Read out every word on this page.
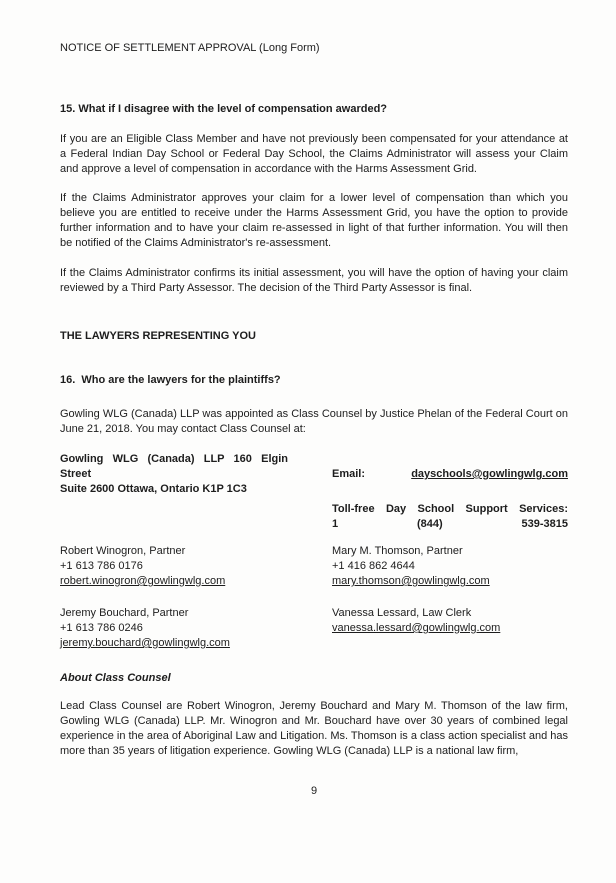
NOTICE OF SETTLEMENT APPROVAL (Long Form)
15. What if I disagree with the level of compensation awarded?
If you are an Eligible Class Member and have not previously been compensated for your attendance at a Federal Indian Day School or Federal Day School, the Claims Administrator will assess your Claim and approve a level of compensation in accordance with the Harms Assessment Grid.
If the Claims Administrator approves your claim for a lower level of compensation than which you believe you are entitled to receive under the Harms Assessment Grid, you have the option to provide further information and to have your claim re-assessed in light of that further information. You will then be notified of the Claims Administrator's re-assessment.
If the Claims Administrator confirms its initial assessment, you will have the option of having your claim reviewed by a Third Party Assessor. The decision of the Third Party Assessor is final.
THE LAWYERS REPRESENTING YOU
16.  Who are the lawyers for the plaintiffs?
Gowling WLG (Canada) LLP was appointed as Class Counsel by Justice Phelan of the Federal Court on June 21, 2018. You may contact Class Counsel at:
Gowling WLG (Canada) LLP 160 Elgin
Street
Suite 2600 Ottawa, Ontario K1P 1C3
Email:	dayschools@gowlingwlg.com
Toll-free Day School Support Services:
1 (844) 539-3815
Robert Winogron, Partner
+1 613 786 0176
robert.winogron@gowlingwlg.com
Mary M. Thomson, Partner
+1 416 862 4644
mary.thomson@gowlingwlg.com
Jeremy Bouchard, Partner
+1 613 786 0246
jeremy.bouchard@gowlingwlg.com
Vanessa Lessard, Law Clerk
vanessa.lessard@gowlingwlg.com
About Class Counsel
Lead Class Counsel are Robert Winogron, Jeremy Bouchard and Mary M. Thomson of the law firm, Gowling WLG (Canada) LLP. Mr. Winogron and Mr. Bouchard have over 30 years of combined legal experience in the area of Aboriginal Law and Litigation. Ms. Thomson is a class action specialist and has more than 35 years of litigation experience. Gowling WLG (Canada) LLP is a national law firm,
9
